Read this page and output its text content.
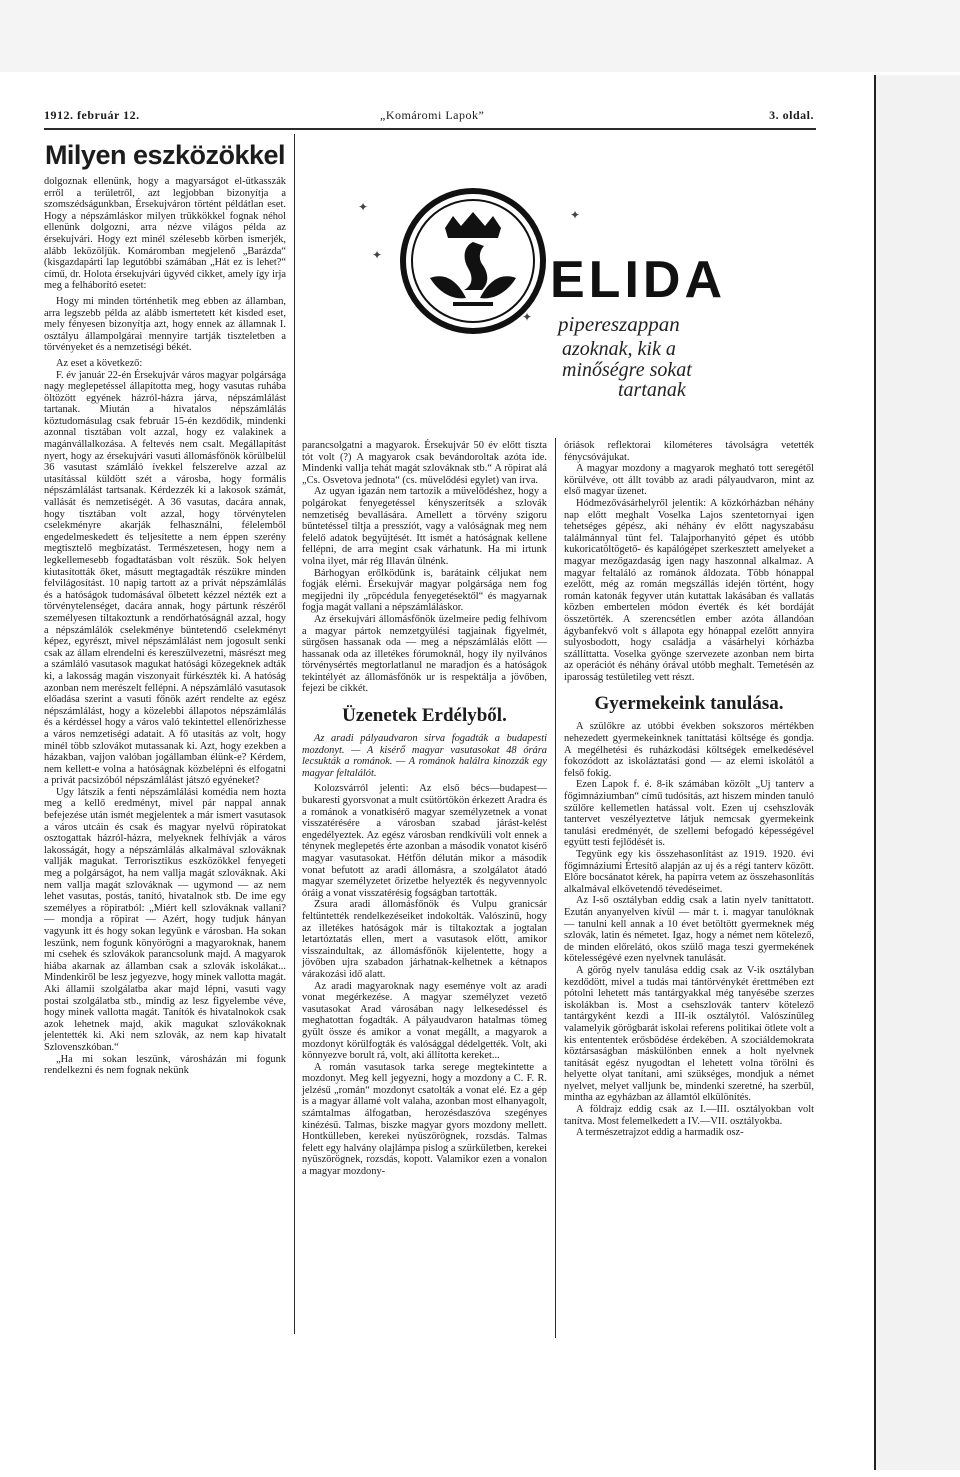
1912. február 12.	„Komáromi Lapok”	3. oldal.
Milyen eszközökkel

dolgoznak ellenünk, hogy a magyarságot el-ütkasszák erről a területről, azt legjobban bizonyítja a szomszédságunkban, Érsekujváron történt példátlan eset. Hogy a népszámláskor milyen trükkökkel fognak néhol ellenünk dolgozni, arra nézve világos példa az érsekujvári. Hogy ezt minél szélesebb körben ismerjék, alább leközöljük. Komáromban megjelenő „Barázda“ (kisgazdapárti lap legutóbbi számában „Hát ez is lehet?“ című, dr. Holota érsekujvári ügyvéd cikket, amely így irja meg a felháborító esetet:

Hogy mi minden történhetik meg ebben az államban, arra legszebb példa az alább ismertetett két kisded eset, mely fényesen bizonyítja azt, hogy ennek az államnak I. osztályu állampolgárai mennyire tartják tiszteletben a törvényeket és a nemzetiségi békét.

Az eset a következő:

F. év január 22-én Érsekujvár város magyar polgársága nagy meglepetéssel állapította meg, hogy vasutas ruhába öltözött egyének házról-házra járva, népszámlálást tartanak. Miután a hivatalos népszámlálás köztudomásulag csak február 15-én kezdődik, mindenki azonnal tisztában volt azzal, hogy ez valakinek a magánvállalkozása. A feltevés nem csalt. Megállapítást nyert, hogy az érsekujvári vasuti állomásfőnök körülbelül 36 vasutast számláló ívekkel felszerelve azzal az utasítással küldött szét a városba, hogy formális népszámlálást tartsanak. Kérdezzék ki a lakosok számát, vallását és nemzetiségét. A 36 vasutas, dacára annak, hogy tisztában volt azzal, hogy törvénytelen cselekményre akarják felhasználni, félelemből engedelmeskedett és teljesítette a nem éppen szerény megtisztelő megbízatást. Természetesen, hogy nem a legkellemesebb fogadtatásban volt részük. Sok helyen kiutasították őket, másutt megtagadták részükre minden felvilágosítást. 10 napig tartott az a privát népszámlálás és a hatóságok tudomásával ölbetett kézzel nézték ezt a törvénytelenséget, dacára annak, hogy pártunk részéről személyesen tiltakoztunk a rendőrhatóságnál azzal, hogy a népszámlálók cselekménye büntetendő cselekményt képez, egyrészt, mivel népszámlálást nem jogosult senki csak az állam elrendelni és kereszülvezetni, másrészt meg a számláló vasutasok magukat hatósági közegeknek adták ki, a lakosság magán viszonyait fürkészték ki. A hatóság azonban nem merészelt fellépni. A népszámláló vasutasok előadása szerint a vasuti főnök azért rendelte az egész népszámlálást, hogy a közelebbi állapotos népszámlálás és a kérdéssel hogy a város való tekintettel ellenőrizhesse a város nemzetiségi adatait. A fő utasítás az volt, hogy minél több szlovákot mutassanak ki. Azt, hogy ezekben a házakban, vajjon valóban jogállamban élünk-e? Kérdem, nem kellett-e volna a hatóságnak közbelépni és elfogatni a privát pacsizóból népszámlálást játszó egyéneket?

Ugy látszik a fenti népszámlálási komédia nem hozta meg a kellő eredményt, mivel pár nappal annak befejezése után ismét megjelentek a már ismert vasutasok a város utcáin és csak és magyar nyelvű röpiratokat osztogattak házról-házra, melyeknek felhívják a város lakosságát, hogy a népszámlálás alkalmával szlováknak vallják magukat. Terrorisztikus eszközökkel fenyegeti meg a polgárságot, ha nem vallja magát szlováknak. Aki nem vallja magát szlováknak — ugymond — az nem lehet vasutas, postás, tanító, hivatalnok stb. De ime egy személyes a röpiratból: „Miért kell szlováknak vallani? — mondja a röpirat — Azért, hogy tudjuk hányan vagyunk itt és hogy sokan legyünk e városban. Ha sokan leszünk, nem fogunk könyörögni a magyaroknak, hanem mi csehek és szlovákok parancsolunk majd. A magyarok hiába akarnak az államban csak a szlovák iskolákat... Mindenkiről be lesz jegyezve, hogy minek vallotta magát. Aki államii szolgálatba akar majd lépni, vasuti vagy postai szolgálatba stb., mindig az lesz figyelembe véve, hogy minek vallotta magát. Tanítók és hivatalnokok csak azok lehetnek majd, akik magukat szlovákoknak jelentették ki. Aki nem szlovák, az nem kap hivatalt Szlovenszkóban.“

„Ha mi sokan leszünk, városházán mi fogunk rendelkezni és nem fognak nekünk

✦
✦
✦
✦
ELIDA
pipereszappan
azoknak, kik a
minőségre sokat
tartanak

parancsolgatni a magyarok. Érsekujvár 50 év előtt tiszta tót volt (?) A magyarok csak bevándoroltak azóta ide. Mindenki vallja tehát magát szlováknak stb.“ A röpirat alá „Cs. Osvetova jednota“ (cs. müvelődési egylet) van irva.

Az ugyan igazán nem tartozik a müvelődéshez, hogy a polgárokat fenyegetéssel kényszerítsék a szlovák nemzetiség bevallására. Amellett a törvény szigoru büntetéssel tiltja a presszíót, vagy a valóságnak meg nem felelő adatok begyüjtését. Itt ismét a hatóságnak kellene fellépni, de arra megint csak várhatunk. Ha mi irtunk volna ilyet, már rég Illaván ülnénk.

Bárhogyan erőlködünk is, barátaink céljukat nem fogják elérni. Érsekujvár magyar polgársága nem fog megijedni ily „röpcédula fenyegetésektől“ és magyarnak fogja magát vallani a népszámláláskor.

Az érsekujvári állomásfőnök üzelmeire pedig felhívom a magyar pártok nemzetgyülési tagjainak figyelmét, sürgősen hassanak oda — meg a népszámlálás előtt — hassanak oda az illetékes fórumoknál, hogy ily nyilvános törvénysértés megtorlatlanul ne maradjon és a hatóságok tekintélyét az állomásfőnök ur is respektálja a jövőben, fejezi be cikkét.

Üzenetek Erdélyből.

Az aradi pályaudvaron sirva fogadták a budapesti mozdonyt. — A kisérő magyar vasutasokat 48 órára lecsukták a románok. — A románok halálra kinozzák egy magyar feltalálót.

Kolozsvárról jelenti: Az első bécs—budapest—bukaresti gyorsvonat a mult csütörtökön érkezett Aradra és a románok a vonatkisérő magyar személyzetnek a vonat visszatérésére a városban szabad járást-kelést engedélyeztek. Az egész városban rendkívüli volt ennek a ténynek meglepetés érte azonban a második vonatot kisérő magyar vasutasokat. Hétfőn délután mikor a második vonat befutott az aradi állomásra, a szolgálatot átadó magyar személyzetet őrizetbe helyezték és negyvennyolc óráig a vonat visszatérésig fogságban tartották.

Zsura aradi állomásfőnök és Vulpu granicsár feltüntették rendelkezéseiket indokolták. Valószinű, hogy az illetékes hatóságok már is tiltakoztak a jogtalan letartóztatás ellen, mert a vasutasok előtt, amikor visszaindultak, az állomásfőnök kijelentette, hogy a jövőben ujra szabadon járhatnak-kelhetnek a kétnapos várakozási idő alatt.

Az aradi magyaroknak nagy eseménye volt az aradi vonat megérkezése. A magyar személyzet vezető vasutasokat Arad városában nagy lelkesedéssel és meghatottan fogadták. A pályaudvaron hatalmas tömeg gyült össze és amikor a vonat megállt, a magyarok a mozdonyt körülfogták és valósággal dédelgették. Volt, aki könnyezve borult rá, volt, aki állította kereket...

A román vasutasok tarka serege megtekintette a mozdonyt. Meg kell jegyezni, hogy a mozdony a C. F. R. jelzésű „román“ mozdonyt csatolták a vonat elé. Ez a gép is a magyar államé volt valaha, azonban most elhanyagolt, számtalmas álfogatban, herozésdaszóva szegényes kinézésű. Talmas, biszke magyar gyors mozdony mellett. Hontkülleben, kerekei nyüszörögnek, rozsdás. Talmas felett egy halvány olajlámpa pislog a szürkületben, kerekei nyüszörögnek, rozsdás, kopott. Valamikor ezen a vonalon a magyar mozdony-

óriások reflektorai kilométeres távolságra vetették fénycsóvájukat.

A magyar mozdony a magyarok megható tott seregétől körülvéve, ott állt tovább az aradi pályaudvaron, mint az első magyar üzenet.

Hódmezővásárhelyről jelentik: A közkórházban néhány nap előtt meghalt Voselka Lajos szentetornyai igen tehetséges gépész, aki néhány év előtt nagyszabásu találmánnyal tünt fel. Talajporhanyitó gépet és utóbb kukoricatöltögető- és kapálógépet szerkesztett amelyeket a magyar mezőgazdaság igen nagy haszonnal alkalmaz. A magyar feltaláló az románok áldozata. Több hónappal ezelőtt, még az román megszállás idején történt, hogy román katonák fegyver után kutattak lakásában és vallatás közben embertelen módon éverték és két bordáját összetörték. A szerencsétlen ember azóta állandóan ágybanfekvő volt s állapota egy hónappal ezelőtt annyira sulyosbodott, hogy családja a vásárhelyi kórházba szállíttatta. Voselka gyönge szervezete azonban nem birta az operációt és néhány órával utóbb meghalt. Temetésén az iparosság testületileg vett részt.

Gyermekeink tanulása.

A szülőkre az utóbbi években sokszoros mértékben nehezedett gyermekeinknek taníttatási költsége és gondja. A megélhetési és ruházkodási költségek emelkedésével fokozódott az iskoláztatási gond — az elemi iskolától a felső fokig.

Ezen Lapok f. é. 8-ik számában közölt „Uj tanterv a főgimnáziumban“ című tudósítás, azt hiszem minden tanuló szülőre kellemetlen hatással volt. Ezen uj csehszlovák tantervet veszélyeztetve látjuk nemcsak gyermekeink tanulási eredményét, de szellemi befogadó képességével együtt testi fejlődését is.

Tegyünk egy kis összehasonlítást az 1919. 1920. évi főgimnáziumi Értesítő alapján az uj és a régi tanterv között. Előre bocsánatot kérek, ha papírra vetem az összehasonlítás alkalmával elkövetendő tévedéseimet.

Az I-ső osztályban eddig csak a latin nyelv taníttatott. Ezután anyanyelven kívül — már t. i. magyar tanulóknak — tanulni kell annak a 10 évet betöltött gyermeknek még szlovák, latin és németet. Igaz, hogy a német nem kötelező, de minden előrelátó, okos szülő maga teszi gyermekének kötelességévé ezen nyelvnek tanulását.

A görög nyelv tanulása eddig csak az V-ik osztályban kezdődött, mivel a tudás mai tántörvénykét érettmében ezt pótolni lehetett más tantárgyakkal még tanyésébe szerzes iskolákban is. Most a csehszlovák tanterv kötelező tantárgyként kezdi a III-ik osztálytól. Valószínűleg valamelyik görögbarát iskolai referens politikai ötlete volt a kis entententek erősbödése érdekében. A szociáldemokrata köztársaságban máskülönben ennek a holt nyelvnek tanítását egész nyugodtan el lehetett volna törölni és helyette olyat tanítani, ami szükséges, mondjuk a német nyelvet, melyet valljunk be, mindenki szeretné, ha szerbül, mintha az egyházban az államtól elkülönítés.

A földrajz eddig csak az I.—III. osztályokban volt tanítva. Most felemelkedett a IV.—VII. osztályokba.

A természetrajzot eddig a harmadik osz-
